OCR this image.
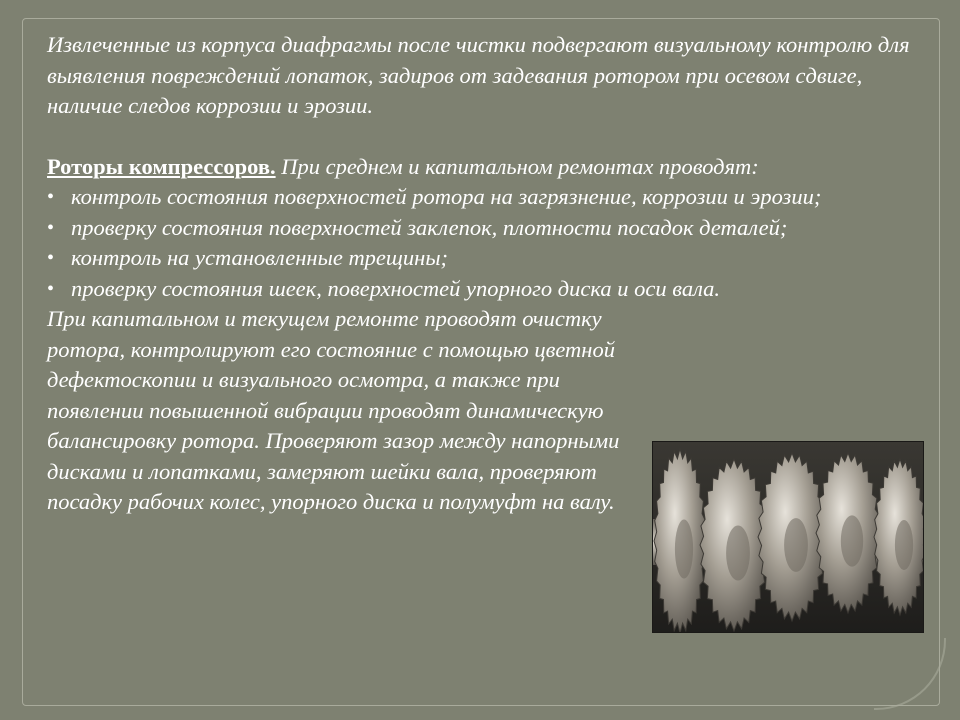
Извлеченные из корпуса диафрагмы после чистки подвергают визуальному контролю для выявления повреждений лопаток, задиров от задевания ротором при осевом сдвиге, наличие следов коррозии и эрозии.

Роторы компрессоров. При среднем и капитальном ремонтах проводят:

• контроль состояния поверхностей ротора на загрязнение, коррозии и эрозии;
• проверку состояния поверхностей заклепок, плотности посадок деталей;
• контроль на установленные трещины;
• проверку состояния шеек, поверхностей упорного диска и оси вала.

При капитальном и текущем ремонте проводят очистку ротора, контролируют его состояние с помощью цветной дефектоскопии и визуального осмотра, а также при появлении повышенной вибрации проводят динамическую балансировку ротора. Проверяют зазор между напорными дисками и лопатками, замеряют шейки вала, проверяют посадку рабочих колес, упорного диска и полумуфт на валу.
